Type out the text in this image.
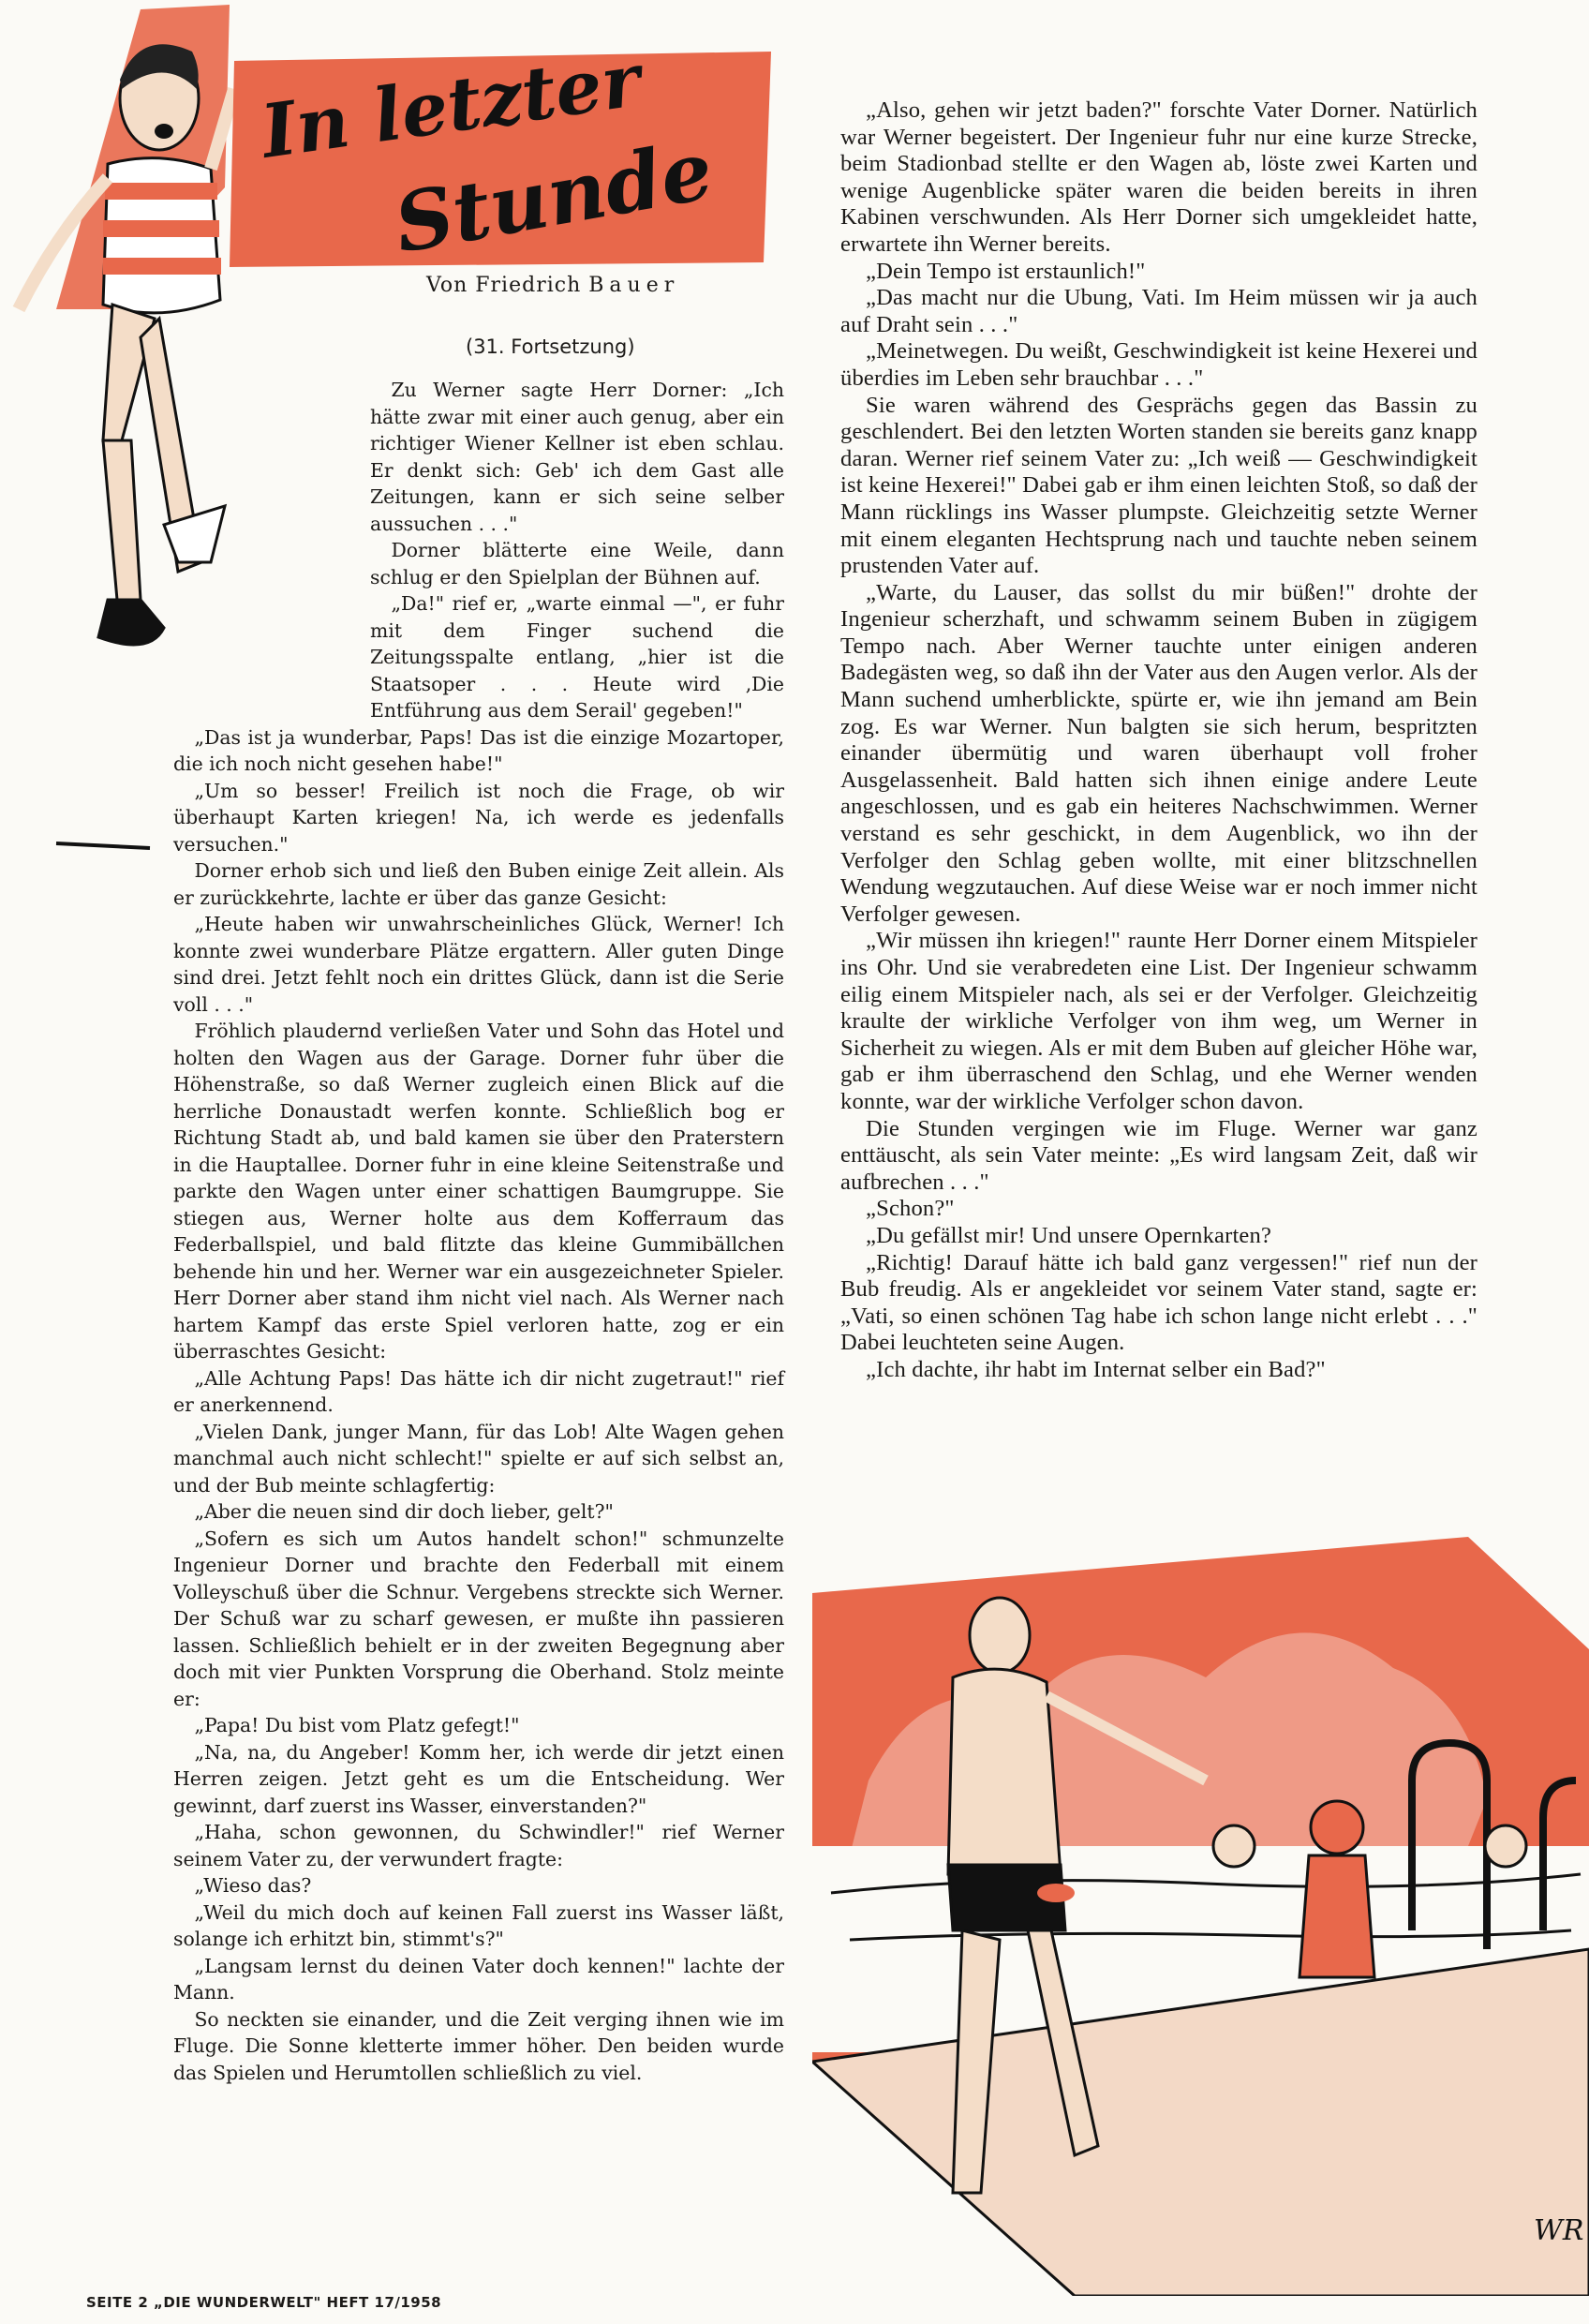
In letzter
Stunde
Von Friedrich Bauer
(31. Fortsetzung)

Zu Werner sagte Herr Dorner: „Ich hätte zwar mit einer auch genug, aber ein richtiger Wiener Kellner ist eben schlau. Er denkt sich: Geb' ich dem Gast alle Zeitungen, kann er sich seine selber aussuchen . . ."

Dorner blätterte eine Weile, dann schlug er den Spielplan der Bühnen auf.

„Da!" rief er, „warte einmal —", er fuhr mit dem Finger suchend die Zeitungsspalte entlang, „hier ist die Staatsoper . . . Heute wird ‚Die Entführung aus dem Serail' gegeben!"

„Das ist ja wunderbar, Paps! Das ist die einzige Mozartoper, die ich noch nicht gesehen habe!"

„Um so besser! Freilich ist noch die Frage, ob wir überhaupt Karten kriegen! Na, ich werde es jedenfalls versuchen."

Dorner erhob sich und ließ den Buben einige Zeit allein. Als er zurückkehrte, lachte er über das ganze Gesicht:

„Heute haben wir unwahrscheinliches Glück, Werner! Ich konnte zwei wunderbare Plätze ergattern. Aller guten Dinge sind drei. Jetzt fehlt noch ein drittes Glück, dann ist die Serie voll . . ."

Fröhlich plaudernd verließen Vater und Sohn das Hotel und holten den Wagen aus der Garage. Dorner fuhr über die Höhenstraße, so daß Werner zugleich einen Blick auf die herrliche Donaustadt werfen konnte. Schließlich bog er Richtung Stadt ab, und bald kamen sie über den Praterstern in die Hauptallee. Dorner fuhr in eine kleine Seitenstraße und parkte den Wagen unter einer schattigen Baumgruppe. Sie stiegen aus, Werner holte aus dem Kofferraum das Federballspiel, und bald flitzte das kleine Gummibällchen behende hin und her. Werner war ein ausgezeichneter Spieler. Herr Dorner aber stand ihm nicht viel nach. Als Werner nach hartem Kampf das erste Spiel verloren hatte, zog er ein überraschtes Gesicht:

„Alle Achtung Paps! Das hätte ich dir nicht zugetraut!" rief er anerkennend.

„Vielen Dank, junger Mann, für das Lob! Alte Wagen gehen manchmal auch nicht schlecht!" spielte er auf sich selbst an, und der Bub meinte schlagfertig:

„Aber die neuen sind dir doch lieber, gelt?"

„Sofern es sich um Autos handelt schon!" schmunzelte Ingenieur Dorner und brachte den Federball mit einem Volleyschuß über die Schnur. Vergebens streckte sich Werner. Der Schuß war zu scharf gewesen, er mußte ihn passieren lassen. Schließlich behielt er in der zweiten Begegnung aber doch mit vier Punkten Vorsprung die Oberhand. Stolz meinte er:

„Papa! Du bist vom Platz gefegt!"

„Na, na, du Angeber! Komm her, ich werde dir jetzt einen Herren zeigen. Jetzt geht es um die Entscheidung. Wer gewinnt, darf zuerst ins Wasser, einverstanden?"

„Haha, schon gewonnen, du Schwindler!" rief Werner seinem Vater zu, der verwundert fragte:

„Wieso das?

„Weil du mich doch auf keinen Fall zuerst ins Wasser läßt, solange ich erhitzt bin, stimmt's?"

„Langsam lernst du deinen Vater doch kennen!" lachte der Mann.

So neckten sie einander, und die Zeit verging ihnen wie im Fluge. Die Sonne kletterte immer höher. Den beiden wurde das Spielen und Herumtollen schließlich zu viel.

„Also, gehen wir jetzt baden?" forschte Vater Dorner. Natürlich war Werner begeistert. Der Ingenieur fuhr nur eine kurze Strecke, beim Stadionbad stellte er den Wagen ab, löste zwei Karten und wenige Augenblicke später waren die beiden bereits in ihren Kabinen verschwunden. Als Herr Dorner sich umgekleidet hatte, erwartete ihn Werner bereits.

„Dein Tempo ist erstaunlich!"

„Das macht nur die Ubung, Vati. Im Heim müssen wir ja auch auf Draht sein . . ."

„Meinetwegen. Du weißt, Geschwindigkeit ist keine Hexerei und überdies im Leben sehr brauchbar . . ."

Sie waren während des Gesprächs gegen das Bassin zu geschlendert. Bei den letzten Worten standen sie bereits ganz knapp daran. Werner rief seinem Vater zu: „Ich weiß — Geschwindigkeit ist keine Hexerei!" Dabei gab er ihm einen leichten Stoß, so daß der Mann rücklings ins Wasser plumpste. Gleichzeitig setzte Werner mit einem eleganten Hechtsprung nach und tauchte neben seinem prustenden Vater auf.

„Warte, du Lauser, das sollst du mir büßen!" drohte der Ingenieur scherzhaft, und schwamm seinem Buben in zügigem Tempo nach. Aber Werner tauchte unter einigen anderen Badegästen weg, so daß ihn der Vater aus den Augen verlor. Als der Mann suchend umherblickte, spürte er, wie ihn jemand am Bein zog. Es war Werner. Nun balgten sie sich herum, bespritzten einander übermütig und waren überhaupt voll froher Ausgelassenheit. Bald hatten sich ihnen einige andere Leute angeschlossen, und es gab ein heiteres Nachschwimmen. Werner verstand es sehr geschickt, in dem Augenblick, wo ihn der Verfolger den Schlag geben wollte, mit einer blitzschnellen Wendung wegzutauchen. Auf diese Weise war er noch immer nicht Verfolger gewesen.

„Wir müssen ihn kriegen!" raunte Herr Dorner einem Mitspieler ins Ohr. Und sie verabredeten eine List. Der Ingenieur schwamm eilig einem Mitspieler nach, als sei er der Verfolger. Gleichzeitig kraulte der wirkliche Verfolger von ihm weg, um Werner in Sicherheit zu wiegen. Als er mit dem Buben auf gleicher Höhe war, gab er ihm überraschend den Schlag, und ehe Werner wenden konnte, war der wirkliche Verfolger schon davon.

Die Stunden vergingen wie im Fluge. Werner war ganz enttäuscht, als sein Vater meinte: „Es wird langsam Zeit, daß wir aufbrechen . . ."

„Schon?"

„Du gefällst mir! Und unsere Opernkarten?

„Richtig! Darauf hätte ich bald ganz vergessen!" rief nun der Bub freudig. Als er angekleidet vor seinem Vater stand, sagte er: „Vati, so einen schönen Tag habe ich schon lange nicht erlebt . . ." Dabei leuchteten seine Augen.

„Ich dachte, ihr habt im Internat selber ein Bad?"

WR
SEITE 2 „DIE WUNDERWELT" HEFT 17/1958
